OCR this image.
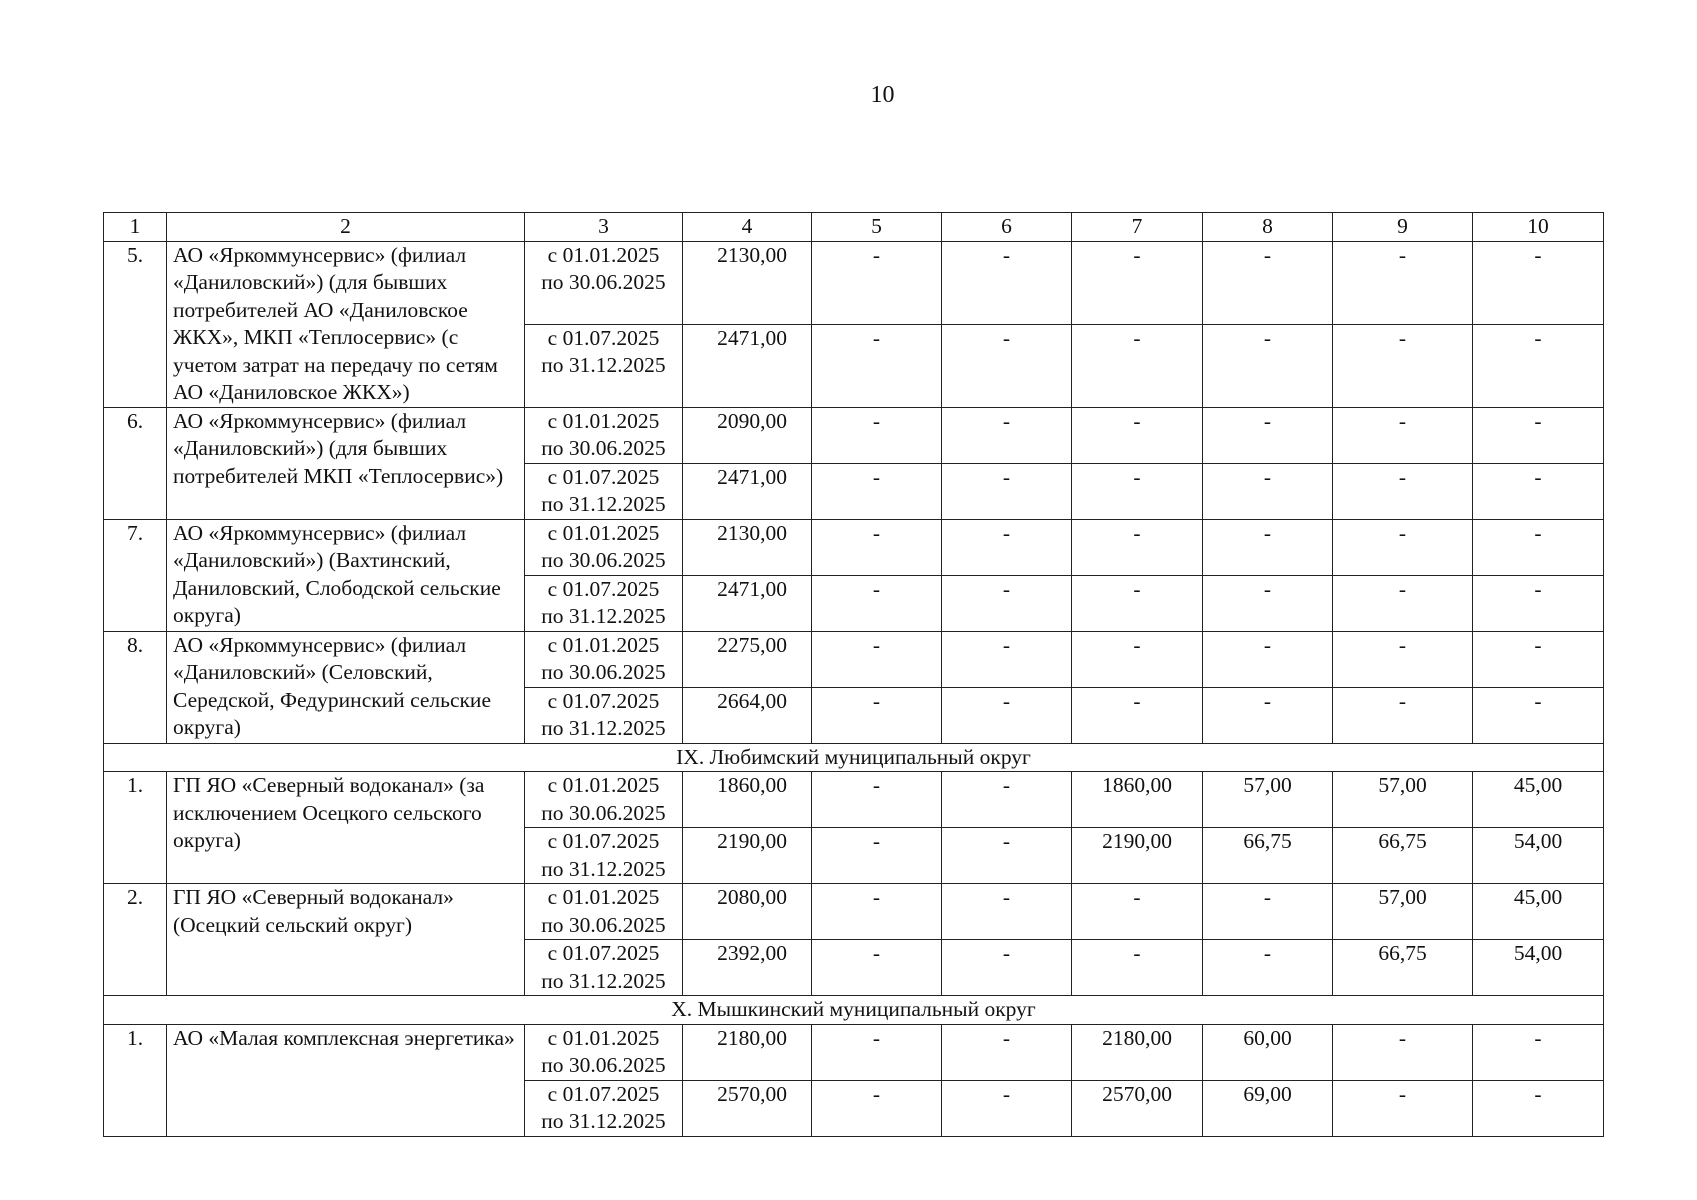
10
1	2	3	4	5	6	7	8	9	10
5.	АО «Яркоммунсервис» (филиал «Даниловский») (для бывших потребителей АО «Даниловское ЖКХ», МКП «Теплосервис» (с учетом затрат на передачу по сетям АО «Даниловское ЖКХ»)	с 01.01.2025
по 30.06.2025	2130,00	-	-	-	-	-	-

		с 01.07.2025
по 31.12.2025	2471,00	-	-	-	-	-	-
6.	АО «Яркоммунсервис» (филиал «Даниловский») (для бывших потребителей МКП «Теплосервис»)	с 01.01.2025
по 30.06.2025	2090,00	-	-	-	-	-	-

		с 01.07.2025
по 31.12.2025	2471,00	-	-	-	-	-	-
7.	АО «Яркоммунсервис» (филиал «Даниловский») (Вахтинский, Даниловский, Слободской сельские округа)	с 01.01.2025
по 30.06.2025	2130,00	-	-	-	-	-	-

		с 01.07.2025
по 31.12.2025	2471,00	-	-	-	-	-	-
8.	АО «Яркоммунсервис» (филиал «Даниловский» (Селовский, Середской, Федуринский сельские округа)	с 01.01.2025
по 30.06.2025	2275,00	-	-	-	-	-	-

		с 01.07.2025
по 31.12.2025	2664,00	-	-	-	-	-	-
IX. Любимский муниципальный округ									
1.	ГП ЯО «Северный водоканал» (за исключением Осецкого сельского округа)	с 01.01.2025
по 30.06.2025	1860,00	-	-	1860,00	57,00	57,00	45,00

		с 01.07.2025
по 31.12.2025	2190,00	-	-	2190,00	66,75	66,75	54,00
2.	ГП ЯО «Северный водоканал» (Осецкий сельский округ)	с 01.01.2025
по 30.06.2025	2080,00	-	-	-	-	57,00	45,00

		с 01.07.2025
по 31.12.2025	2392,00	-	-	-	-	66,75	54,00
X. Мышкинский муниципальный округ									
1.	АО «Малая комплексная энергетика»	с 01.01.2025
по 30.06.2025	2180,00	-	-	2180,00	60,00	-	-

		с 01.07.2025
по 31.12.2025	2570,00	-	-	2570,00	69,00	-	-
